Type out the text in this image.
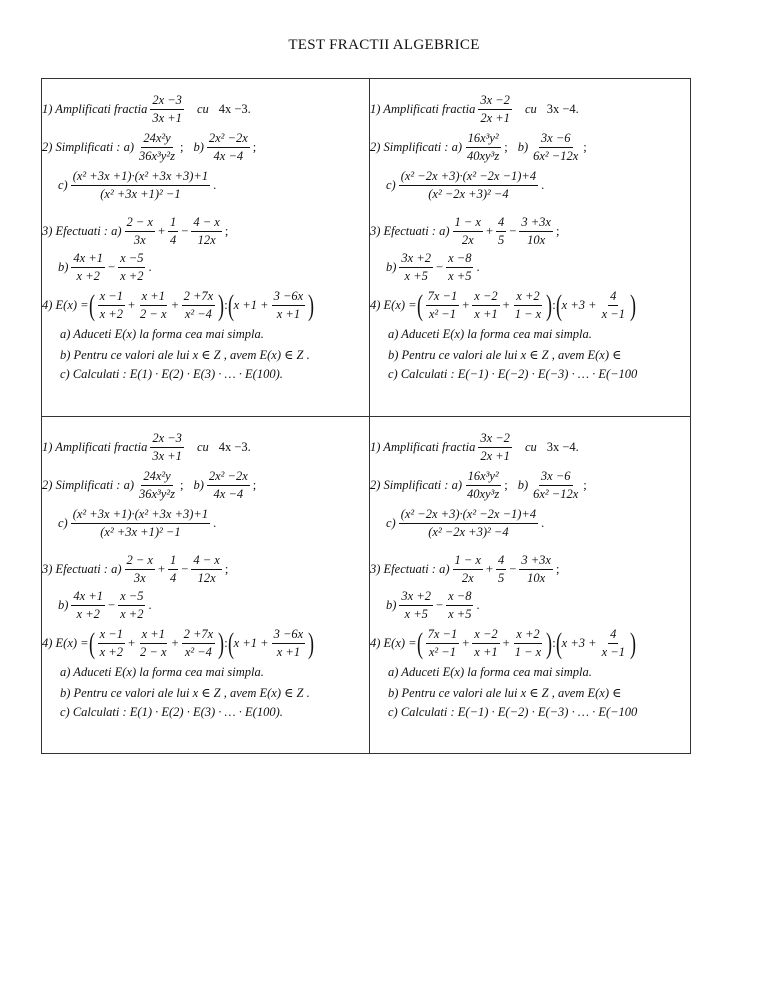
TEST FRACTII ALGEBRICE
1) Amplificati fractia $\frac{2x -3}{3x +1}$ cu 4x −3.
2) Simplificati : $a) \frac{\text{24x²y}}{\text{36x³y²z}}$ ; $b) \frac{\text{2x² −2x}}{4x -4}$ ;
$c) \frac{\text{(x² +3x +1)·(x² +3x +3)+1}}{\text{(x² +3x +1)² −1}}$ .
3) Efectuati : $a) \frac{2 - x}{3x} + \frac{1}{4} - \frac{4 - x}{12x}$ ;
$b) \frac{4x +1}{x +2} - \frac{x -5}{x +2}$ .
4) E(x) = ( $\frac{x -1}{x +2} + \frac{x +1}{2 - x} + \frac{2 +7x}{\text{x² −4}}$ ) : ( $x +1 + \frac{3 -6x}{x +1}$ )
a) Aduceti E(x) la forma cea mai simpla.
b) Pentru ce valori ale lui x ∈ Z , avem E(x) ∈ Z .
c) Calculati : E(1) · E(2) · E(3) · … · E(100).
1) Amplificati fractia $\frac{3x -2}{2x +1}$ cu 3x −4.
2) Simplificati : $a) \frac{\text{16x³y²}}{\text{40xy³z}}$ ; $b) \frac{3x -6}{\text{6x² −12x}}$ ;
$c) \frac{\text{(x² −2x +3)·(x² −2x −1)+4}}{\text{(x² −2x +3)² −4}}$ .
3) Efectuati : $a) \frac{1 - x}{2x} + \frac{4}{5} - \frac{3 +3x}{10x}$ ;
$b) \frac{3x +2}{x +5} - \frac{x -8}{x +5}$ .
4) E(x) = ( $\frac{7x -1}{\text{x² −1}} + \frac{x -2}{x +1} + \frac{x +2}{1 - x}$ ) : ( $x +3 + \frac{4}{x -1}$ )
a) Aduceti E(x) la forma cea mai simpla.
b) Pentru ce valori ale lui x ∈ Z , avem E(x) ∈
c) Calculati : E(−1) · E(−2) · E(−3) · … · E(−100
1) Amplificati fractia $\frac{2x -3}{3x +1}$ cu 4x −3.
2) Simplificati : $a) \frac{\text{24x²y}}{\text{36x³y²z}}$ ; $b) \frac{\text{2x² −2x}}{4x -4}$ ;
$c) \frac{\text{(x² +3x +1)·(x² +3x +3)+1}}{\text{(x² +3x +1)² −1}}$ .
3) Efectuati : $a) \frac{2 - x}{3x} + \frac{1}{4} - \frac{4 - x}{12x}$ ;
$b) \frac{4x +1}{x +2} - \frac{x -5}{x +2}$ .
4) E(x) = ( $\frac{x -1}{x +2} + \frac{x +1}{2 - x} + \frac{2 +7x}{\text{x² −4}}$ ) : ( $x +1 + \frac{3 -6x}{x +1}$ )
a) Aduceti E(x) la forma cea mai simpla.
b) Pentru ce valori ale lui x ∈ Z , avem E(x) ∈ Z .
c) Calculati : E(1) · E(2) · E(3) · … · E(100).
1) Amplificati fractia $\frac{3x -2}{2x +1}$ cu 3x −4.
2) Simplificati : $a) \frac{\text{16x³y²}}{\text{40xy³z}}$ ; $b) \frac{3x -6}{\text{6x² −12x}}$ ;
$c) \frac{\text{(x² −2x +3)·(x² −2x −1)+4}}{\text{(x² −2x +3)² −4}}$ .
3) Efectuati : $a) \frac{1 - x}{2x} + \frac{4}{5} - \frac{3 +3x}{10x}$ ;
$b) \frac{3x +2}{x +5} - \frac{x -8}{x +5}$ .
4) E(x) = ( $\frac{7x -1}{\text{x² −1}} + \frac{x -2}{x +1} + \frac{x +2}{1 - x}$ ) : ( $x +3 + \frac{4}{x -1}$ )
a) Aduceti E(x) la forma cea mai simpla.
b) Pentru ce valori ale lui x ∈ Z , avem E(x) ∈
c) Calculati : E(−1) · E(−2) · E(−3) · … · E(−100
